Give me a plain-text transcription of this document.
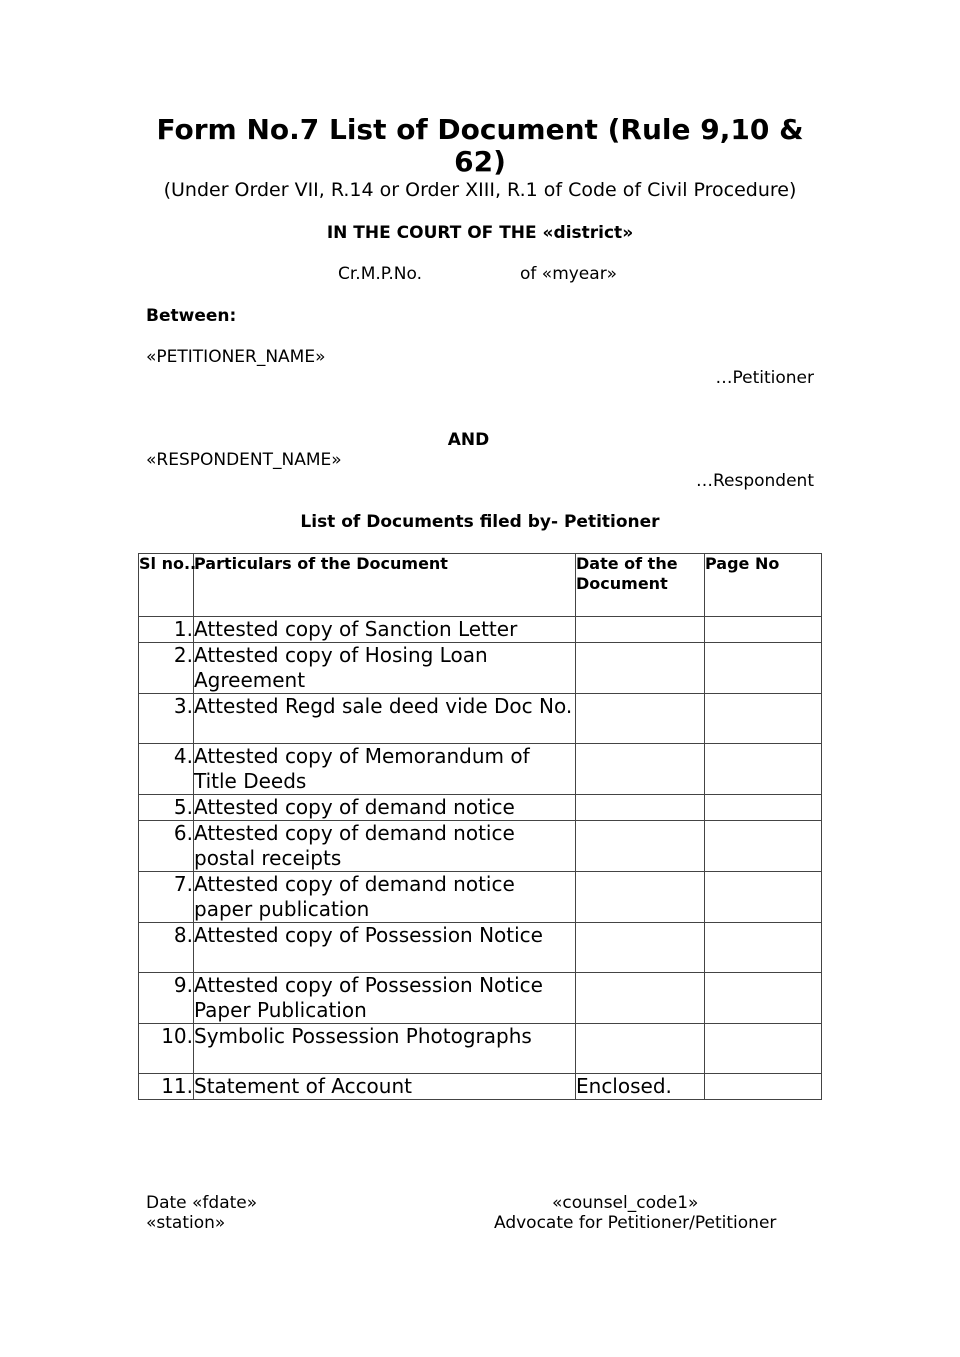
Form No.7 List of Document (Rule 9,10 & 62)
(Under Order VII, R.14 or Order XIII, R.1 of Code of Civil Procedure)
IN THE COURT OF THE «district»
Cr.M.P.No.	of «myear»
Between:
«PETITIONER_NAME»
…Petitioner
AND
«RESPONDENT_NAME»
…Respondent
List of Documents filed by- Petitioner
Sl no..	Particulars of the Document	Date of the Document	Page No
1.	Attested copy of Sanction Letter		
2.	Attested copy of Hosing Loan Agreement		
3.	Attested Regd sale deed vide Doc No.		
4.	Attested copy of Memorandum of Title Deeds		
5.	Attested copy of demand notice		
6.	Attested copy of demand notice postal receipts		
7.	Attested copy of demand notice paper publication		
8.	Attested copy of Possession Notice		
9.	Attested copy of Possession Notice Paper Publication		
10.	Symbolic Possession Photographs		
11.	Statement of Account	Enclosed.	
Date «fdate»
«station»
«counsel_code1»
Advocate for Petitioner/Petitioner
